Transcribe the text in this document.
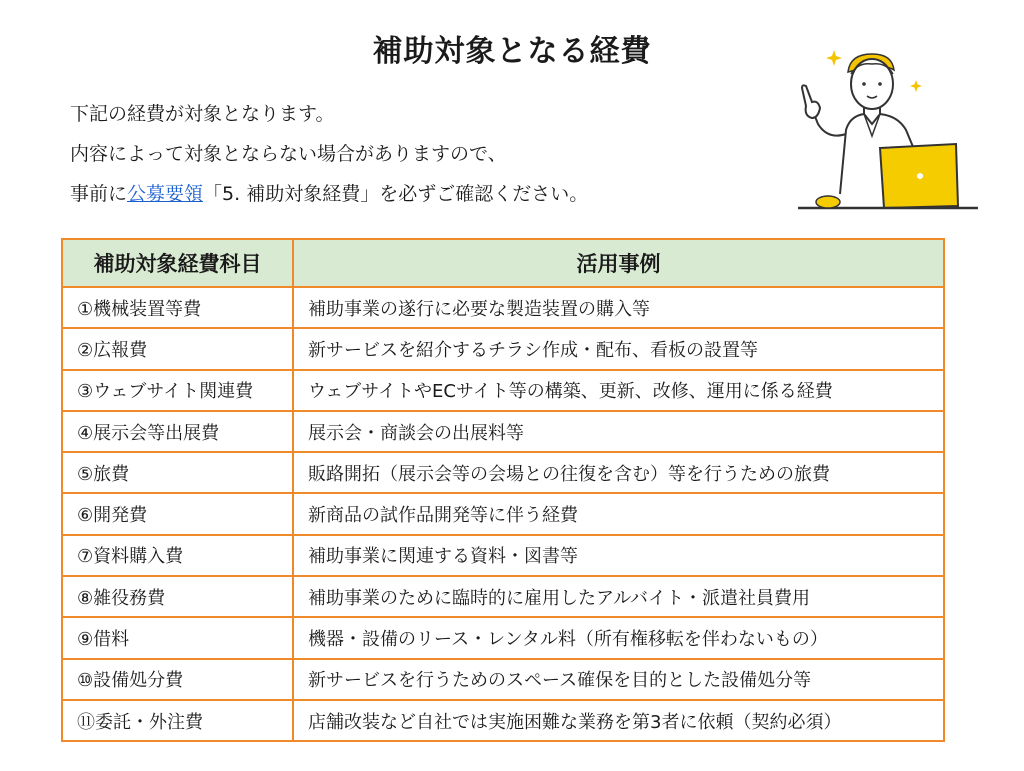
補助対象となる経費
下記の経費が対象となります。
内容によって対象とならない場合がありますので、
事前に公募要領「5. 補助対象経費」を必ずご確認ください。
補助対象経費科目	活用事例
①機械装置等費	補助事業の遂行に必要な製造装置の購入等
②広報費	新サービスを紹介するチラシ作成・配布、看板の設置等
③ウェブサイト関連費	ウェブサイトやECサイト等の構築、更新、改修、運用に係る経費
④展示会等出展費	展示会・商談会の出展料等
⑤旅費	販路開拓（展示会等の会場との往復を含む）等を行うための旅費
⑥開発費	新商品の試作品開発等に伴う経費
⑦資料購入費	補助事業に関連する資料・図書等
⑧雑役務費	補助事業のために臨時的に雇用したアルバイト・派遣社員費用
⑨借料	機器・設備のリース・レンタル料（所有権移転を伴わないもの）
⑩設備処分費	新サービスを行うためのスペース確保を目的とした設備処分等
⑪委託・外注費	店舗改装など自社では実施困難な業務を第3者に依頼（契約必須）
